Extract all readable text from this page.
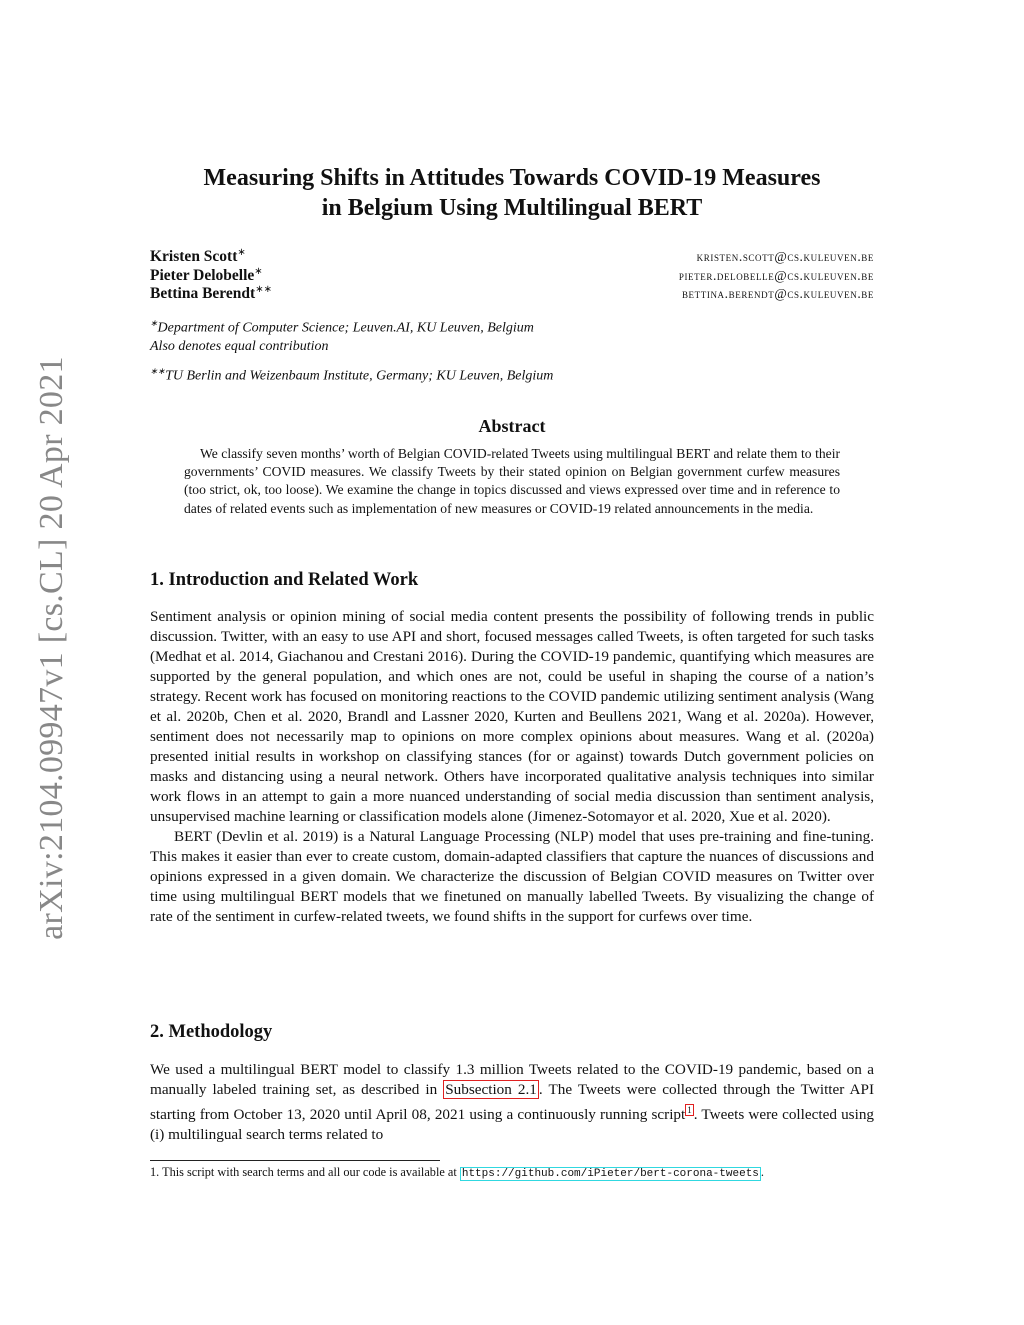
arXiv:2104.09947v1 [cs.CL] 20 Apr 2021
Measuring Shifts in Attitudes Towards COVID-19 Measures
in Belgium Using Multilingual BERT
Kristen Scott∗	kristen.scott@cs.kuleuven.be
Pieter Delobelle∗	pieter.delobelle@cs.kuleuven.be
Bettina Berendt∗∗	bettina.berendt@cs.kuleuven.be
∗Department of Computer Science; Leuven.AI, KU Leuven, Belgium
Also denotes equal contribution
∗∗TU Berlin and Weizenbaum Institute, Germany; KU Leuven, Belgium
Abstract
We classify seven months’ worth of Belgian COVID-related Tweets using multilingual BERT and relate them to their governments’ COVID measures. We classify Tweets by their stated opinion on Belgian government curfew measures (too strict, ok, too loose). We examine the change in topics discussed and views expressed over time and in reference to dates of related events such as implementation of new measures or COVID-19 related announcements in the media.
1. Introduction and Related Work

Sentiment analysis or opinion mining of social media content presents the possibility of following trends in public discussion. Twitter, with an easy to use API and short, focused messages called Tweets, is often targeted for such tasks (Medhat et al. 2014, Giachanou and Crestani 2016). During the COVID-19 pandemic, quantifying which measures are supported by the general population, and which ones are not, could be useful in shaping the course of a nation’s strategy. Recent work has focused on monitoring reactions to the COVID pandemic utilizing sentiment analysis (Wang et al. 2020b, Chen et al. 2020, Brandl and Lassner 2020, Kurten and Beullens 2021, Wang et al. 2020a). However, sentiment does not necessarily map to opinions on more complex opinions about measures. Wang et al. (2020a) presented initial results in workshop on classifying stances (for or against) towards Dutch government policies on masks and distancing using a neural network. Others have incorporated qualitative analysis techniques into similar work flows in an attempt to gain a more nuanced understanding of social media discussion than sentiment analysis, unsupervised machine learning or classification models alone (Jimenez-Sotomayor et al. 2020, Xue et al. 2020).

BERT (Devlin et al. 2019) is a Natural Language Processing (NLP) model that uses pre-training and fine-tuning. This makes it easier than ever to create custom, domain-adapted classifiers that capture the nuances of discussions and opinions expressed in a given domain. We characterize the discussion of Belgian COVID measures on Twitter over time using multilingual BERT models that we finetuned on manually labelled Tweets. By visualizing the change of rate of the sentiment in curfew-related tweets, we found shifts in the support for curfews over time.

2. Methodology

We used a multilingual BERT model to classify 1.3 million Tweets related to the COVID-19 pandemic, based on a manually labeled training set, as described in Subsection 2.1 . The Tweets were collected through the Twitter API starting from October 13, 2020 until April 08, 2021 using a continuously running script $^1$ . Tweets were collected using (i) multilingual search terms related to

1. This script with search terms and all our code is available at https://github.com/iPieter/bert-corona-tweets .
